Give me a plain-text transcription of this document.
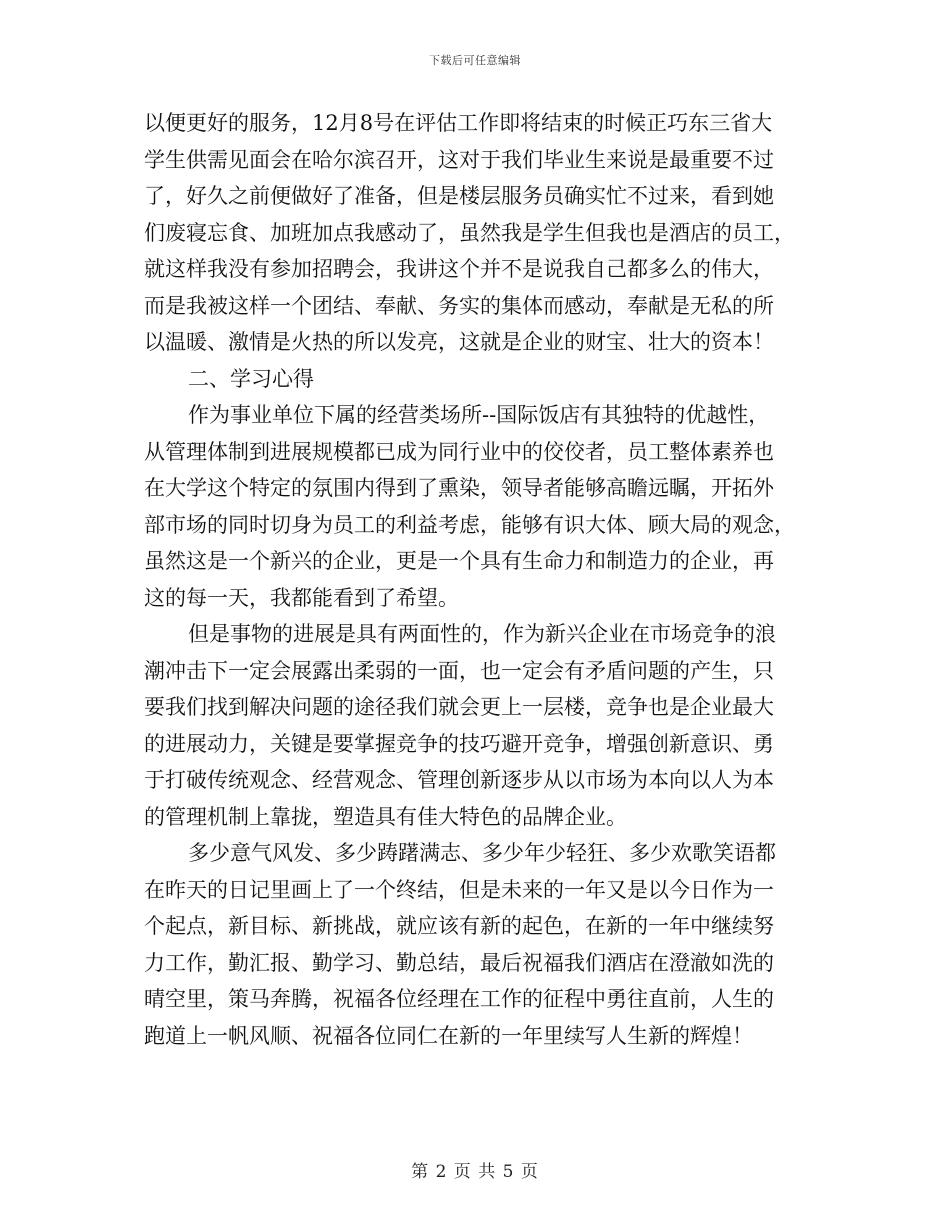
下载后可任意编辑
以便更好的服务，12月8号在评估工作即将结束的时候正巧东三省大
学生供需见面会在哈尔滨召开，这对于我们毕业生来说是最重要不过
了，好久之前便做好了准备，但是楼层服务员确实忙不过来，看到她
们废寝忘食、加班加点我感动了，虽然我是学生但我也是酒店的员工，
就这样我没有参加招聘会，我讲这个并不是说我自己都多么的伟大，
而是我被这样一个团结、奉献、务实的集体而感动，奉献是无私的所
以温暖、激情是火热的所以发亮，这就是企业的财宝、壮大的资本！
二、学习心得
作为事业单位下属的经营类场所--国际饭店有其独特的优越性，
从管理体制到进展规模都已成为同行业中的佼佼者，员工整体素养也
在大学这个特定的氛围内得到了熏染，领导者能够高瞻远瞩，开拓外
部市场的同时切身为员工的利益考虑，能够有识大体、顾大局的观念，
虽然这是一个新兴的企业，更是一个具有生命力和制造力的企业，再
这的每一天，我都能看到了希望。
但是事物的进展是具有两面性的，作为新兴企业在市场竞争的浪
潮冲击下一定会展露出柔弱的一面，也一定会有矛盾问题的产生，只
要我们找到解决问题的途径我们就会更上一层楼，竞争也是企业最大
的进展动力，关键是要掌握竞争的技巧避开竞争，增强创新意识、勇
于打破传统观念、经营观念、管理创新逐步从以市场为本向以人为本
的管理机制上靠拢，塑造具有佳大特色的品牌企业。
多少意气风发、多少踌躇满志、多少年少轻狂、多少欢歌笑语都
在昨天的日记里画上了一个终结，但是未来的一年又是以今日作为一
个起点，新目标、新挑战，就应该有新的起色，在新的一年中继续努
力工作，勤汇报、勤学习、勤总结，最后祝福我们酒店在澄澈如洗的
晴空里，策马奔腾，祝福各位经理在工作的征程中勇往直前，人生的
跑道上一帆风顺、祝福各位同仁在新的一年里续写人生新的辉煌！
第 2 页 共 5 页
